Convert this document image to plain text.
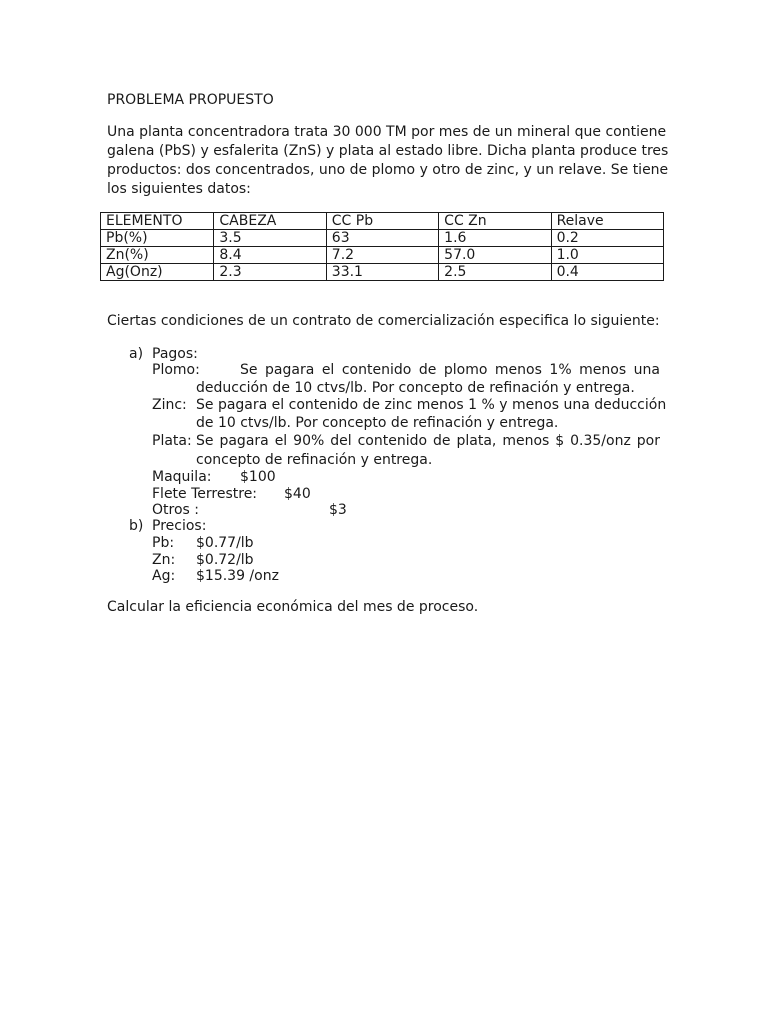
PROBLEMA PROPUESTO
Una planta concentradora trata 30 000 TM por mes de un mineral que contiene
galena (PbS) y esfalerita (ZnS) y plata al estado libre. Dicha planta produce tres
productos: dos concentrados, uno de plomo y otro de zinc, y un relave. Se tiene
los siguientes datos:
ELEMENTO	CABEZA	CC Pb	CC Zn	Relave
Pb(%)	3.5	63	1.6	0.2
Zn(%)	8.4	7.2	57.0	1.0
Ag(Onz)	2.3	33.1	2.5	0.4
Ciertas condiciones de un contrato de comercialización especifica lo siguiente:
a) Pagos:
Plomo:	Se pagara el contenido de plomo menos 1% menos una
deducción de 10 ctvs/lb. Por concepto de refinación y entrega.
Zinc: Se pagara el contenido de zinc menos 1 % y menos una deducción
de 10 ctvs/lb. Por concepto de refinación y entrega.
Plata: Se pagara el 90% del contenido de plata, menos $ 0.35/onz por
concepto de refinación y entrega.
Maquila: $100
Flete Terrestre: $40
Otros :	$3
b) Precios:
Pb: $0.77/lb
Zn: $0.72/lb
Ag: $15.39 /onz
Calcular la eficiencia económica del mes de proceso.
